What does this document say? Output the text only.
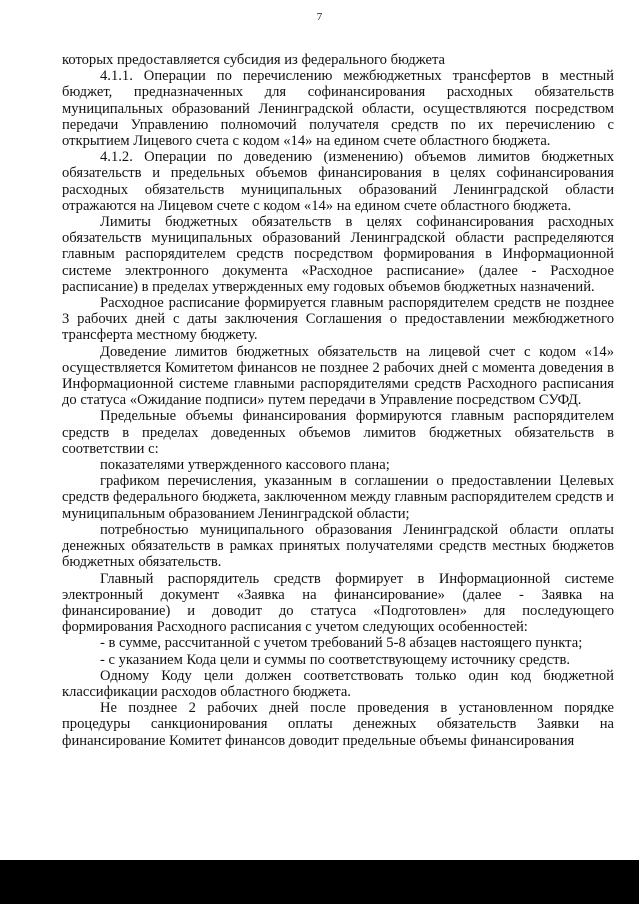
7

которых предоставляется субсидия из федерального бюджета

4.1.1. Операции по перечислению межбюджетных трансфертов в местный бюджет, предназначенных для софинансирования расходных обязательств муниципальных образований Ленинградской области, осуществляются посредством передачи Управлению полномочий получателя средств по их перечислению с открытием Лицевого счета с кодом «14» на едином счете областного бюджета.

4.1.2. Операции по доведению (изменению) объемов лимитов бюджетных обязательств и предельных объемов финансирования в целях софинансирования расходных обязательств муниципальных образований Ленинградской области отражаются на Лицевом счете с кодом «14» на едином счете областного бюджета.

Лимиты бюджетных обязательств в целях софинансирования расходных обязательств муниципальных образований Ленинградской области распределяются главным распорядителем средств посредством формирования в Информационной системе электронного документа «Расходное расписание» (далее - Расходное расписание) в пределах утвержденных ему годовых объемов бюджетных назначений.

Расходное расписание формируется главным распорядителем средств не позднее 3 рабочих дней с даты заключения Соглашения о предоставлении межбюджетного трансферта местному бюджету.

Доведение лимитов бюджетных обязательств на лицевой счет с кодом «14» осуществляется Комитетом финансов не позднее 2 рабочих дней с момента доведения в Информационной системе главными распорядителями средств Расходного расписания до статуса «Ожидание подписи» путем передачи в Управление посредством СУФД.

Предельные объемы финансирования формируются главным распорядителем средств в пределах доведенных объемов лимитов бюджетных обязательств в соответствии с:

показателями утвержденного кассового плана;

графиком перечисления, указанным в соглашении о предоставлении Целевых средств федерального бюджета, заключенном между главным распорядителем средств и муниципальным образованием Ленинградской области;

потребностью муниципального образования Ленинградской области оплаты денежных обязательств в рамках принятых получателями средств местных бюджетов бюджетных обязательств.

Главный распорядитель средств формирует в Информационной системе электронный документ «Заявка на финансирование» (далее - Заявка на финансирование) и доводит до статуса «Подготовлен» для последующего формирования Расходного расписания с учетом следующих особенностей:

- в сумме, рассчитанной с учетом требований 5-8 абзацев настоящего пункта;

- с указанием Кода цели и суммы по соответствующему источнику средств.

Одному Коду цели должен соответствовать только один код бюджетной классификации расходов областного бюджета.

Не позднее 2 рабочих дней после проведения в установленном порядке процедуры санкционирования оплаты денежных обязательств Заявки на финансирование Комитет финансов доводит предельные объемы финансирования
